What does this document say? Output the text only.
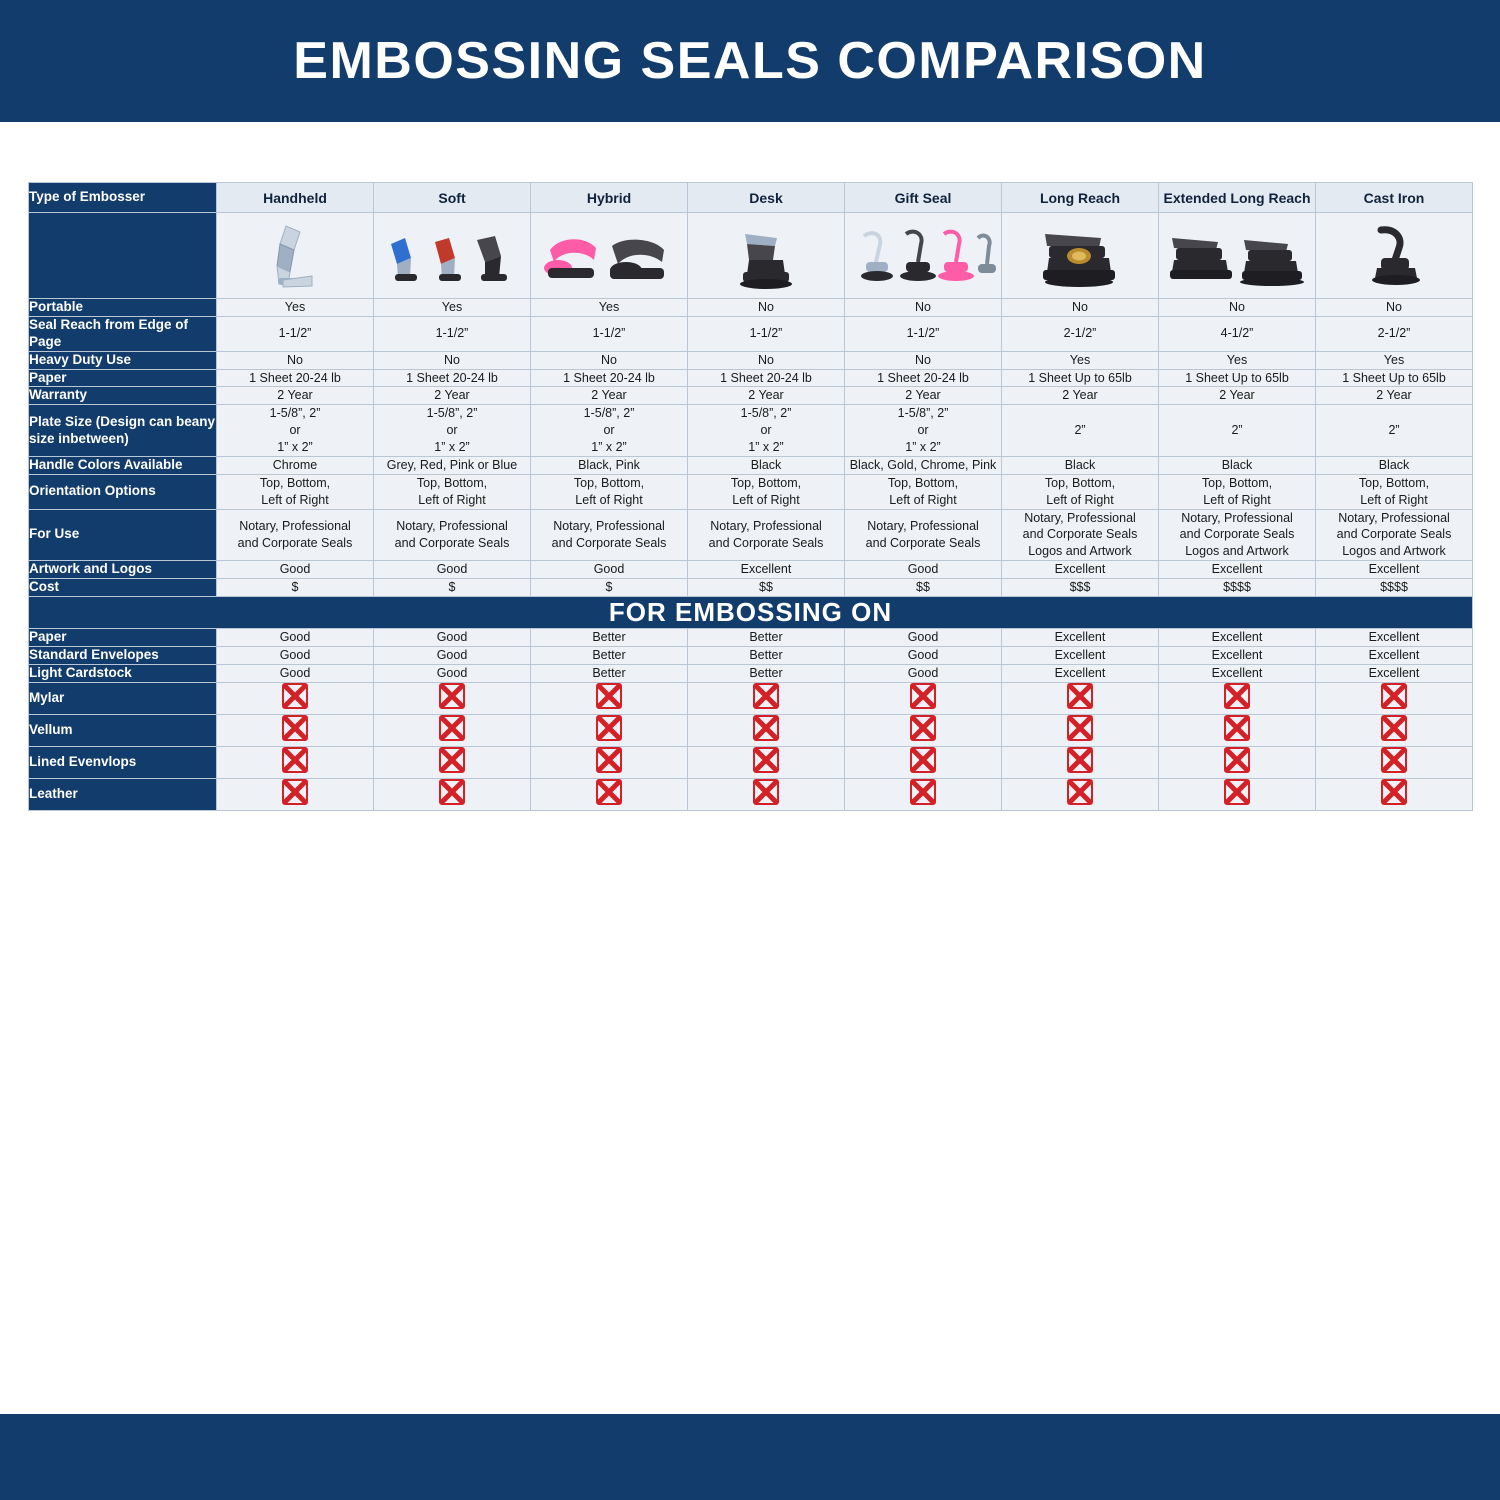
EMBOSSING SEALS COMPARISON
Type of Embosser	Handheld	Soft	Hybrid	Desk	Gift Seal	Long Reach	Extended Long Reach	Cast Iron

Portable	Yes	Yes	Yes	No	No	No	No	No
Seal Reach from Edge of Page	1-1/2”	1-1/2”	1-1/2”	1-1/2”	1-1/2”	2-1/2”	4-1/2”	2-1/2”
Heavy Duty Use	No	No	No	No	No	Yes	Yes	Yes
Paper	1 Sheet 20-24 lb	1 Sheet 20-24 lb	1 Sheet 20-24 lb	1 Sheet 20-24 lb	1 Sheet 20-24 lb	1 Sheet Up to 65lb	1 Sheet Up to 65lb	1 Sheet Up to 65lb
Warranty	2 Year	2 Year	2 Year	2 Year	2 Year	2 Year	2 Year	2 Year
Plate Size (Design can beany size inbetween)	1-5/8”, 2”
or
1” x 2”	1-5/8”, 2”
or
1” x 2”	1-5/8”, 2”
or
1” x 2”	1-5/8”, 2”
or
1” x 2”	1-5/8”, 2”
or
1” x 2”	2”	2”	2”
Handle Colors Available	Chrome	Grey, Red, Pink or Blue	Black, Pink	Black	Black, Gold, Chrome, Pink	Black	Black	Black
Orientation Options	Top, Bottom,
Left of Right	Top, Bottom,
Left of Right	Top, Bottom,
Left of Right	Top, Bottom,
Left of Right	Top, Bottom,
Left of Right	Top, Bottom,
Left of Right	Top, Bottom,
Left of Right	Top, Bottom,
Left of Right
For Use	Notary, Professional
and Corporate Seals	Notary, Professional
and Corporate Seals	Notary, Professional
and Corporate Seals	Notary, Professional
and Corporate Seals	Notary, Professional
and Corporate Seals	Notary, Professional
and Corporate Seals
Logos and Artwork	Notary, Professional
and Corporate Seals
Logos and Artwork	Notary, Professional
and Corporate Seals
Logos and Artwork
Artwork and Logos	Good	Good	Good	Excellent	Good	Excellent	Excellent	Excellent
Cost	$	$	$	$$	$$	$$$	$$$$	$$$$
FOR EMBOSSING ON								
Paper	Good	Good	Better	Better	Good	Excellent	Excellent	Excellent
Standard Envelopes	Good	Good	Better	Better	Good	Excellent	Excellent	Excellent
Light Cardstock	Good	Good	Better	Better	Good	Excellent	Excellent	Excellent
Mylar								
Vellum								
Lined Evenvlops								
Leather								
